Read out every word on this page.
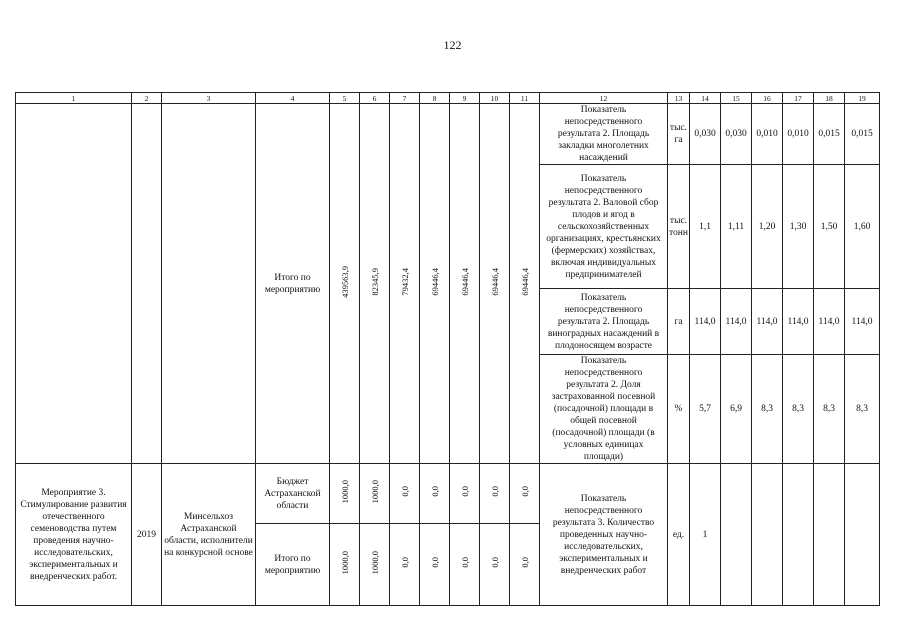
122
1	2	3	4	5	6	7	8	9	10	11	12	13	14	15	16	17	18	19
			Итого по мероприятию	439563,9	82345,9	79432,4	69446,4	69446,4	69446,4	69446,4	Показатель непосредственного результата 2. Площадь закладки многолетних насаждений	тыс. га	0,030	0,030	0,010	0,010	0,015	0,015
											Показатель непосредственного результата 2. Валовой сбор плодов и ягод в сельскохозяйственных организациях, крестьянских (фермерских) хозяйствах, включая индивидуальных предпринимателей	тыс. тонн	1,1	1,11	1,20	1,30	1,50	1,60
											Показатель непосредственного результата 2. Площадь виноградных насаждений в плодоносящем возрасте	га	114,0	114,0	114,0	114,0	114,0	114,0
											Показатель непосредственного результата 2. Доля застрахованной посевной (посадочной) площади в общей посевной (посадочной) площади (в условных единицах площади)	%	5,7	6,9	8,3	8,3	8,3	8,3
Мероприятие 3. Стимулирование развития отечественного семеноводства путем проведения научно-исследовательских, экспериментальных и внедренческих работ.	2019	Минсельхоз Астраханской области, исполнители на конкурсной основе	Бюджет Астраханской области	1000,0	1000,0	0,0	0,0	0,0	0,0	0,0	Показатель непосредственного результата 3. Количество проведенных научно-исследовательских, экспериментальных и внедренческих работ	ед.	1					
			Итого по мероприятию	1000,0	1000,0	0,0	0,0	0,0	0,0	0,0								
